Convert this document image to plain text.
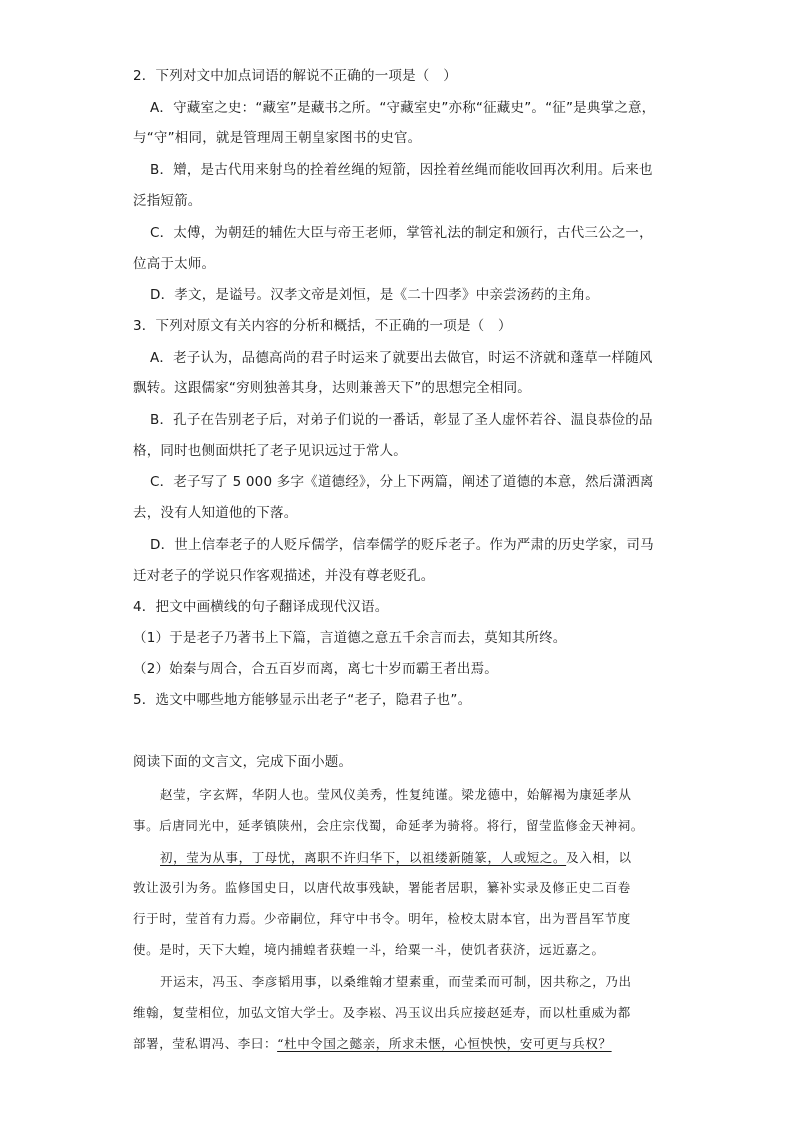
2．下列对文中加点词语的解说不正确的一项是（　）
A．守藏室之史：“藏室”是藏书之所。“守藏室史”亦称“征藏史”。“征”是典掌之意，
与“守”相同，就是管理周王朝皇家图书的史官。
B．矰，是古代用来射鸟的拴着丝绳的短箭，因拴着丝绳而能收回再次利用。后来也
泛指短箭。
C．太傅，为朝廷的辅佐大臣与帝王老师，掌管礼法的制定和颁行，古代三公之一，
位高于太师。
D．孝文，是谥号。汉孝文帝是刘恒，是《二十四孝》中亲尝汤药的主角。
3．下列对原文有关内容的分析和概括，不正确的一项是（　）
A．老子认为，品德高尚的君子时运来了就要出去做官，时运不济就和蓬草一样随风
飘转。这跟儒家“穷则独善其身，达则兼善天下”的思想完全相同。
B．孔子在告别老子后，对弟子们说的一番话，彰显了圣人虚怀若谷、温良恭俭的品
格，同时也侧面烘托了老子见识远过于常人。
C．老子写了 5 000 多字《道德经》，分上下两篇，阐述了道德的本意，然后潇洒离
去，没有人知道他的下落。
D．世上信奉老子的人贬斥儒学，信奉儒学的贬斥老子。作为严肃的历史学家，司马
迁对老子的学说只作客观描述，并没有尊老贬孔。
4．把文中画横线的句子翻译成现代汉语。
（1）于是老子乃著书上下篇，言道德之意五千余言而去，莫知其所终。
（2）始秦与周合，合五百岁而离，离七十岁而霸王者出焉。
5．选文中哪些地方能够显示出老子“老子，隐君子也”。
阅读下面的文言文，完成下面小题。
赵莹，字玄辉，华阴人也。莹风仪美秀，性复纯谨。梁龙德中，始解褐为康延孝从
事。后唐同光中，延孝镇陕州，会庄宗伐蜀，命延孝为骑将。将行，留莹监修金天神祠。
初，莹为从事，丁母忧，离职不许归华下，以祖缕新随篆，人或短之。及入相，以
敦让汲引为务。监修国史日，以唐代故事残缺，署能者居职，纂补实录及修正史二百卷
行于时，莹首有力焉。少帝嗣位，拜守中书令。明年，检校太尉本官，出为晋昌军节度
使。是时，天下大蝗，境内捕蝗者获蝗一斗，给粟一斗，使饥者获济，远近嘉之。
开运末，冯玉、李彦韬用事，以桑维翰才望素重，而莹柔而可制，因共称之，乃出
维翰，复莹相位，加弘文馆大学士。及李崧、冯玉议出兵应接赵延寿，而以杜重威为都
部署，莹私谓冯、李曰：“杜中令国之懿亲，所求未惬，心恒怏怏，安可更与兵权？
